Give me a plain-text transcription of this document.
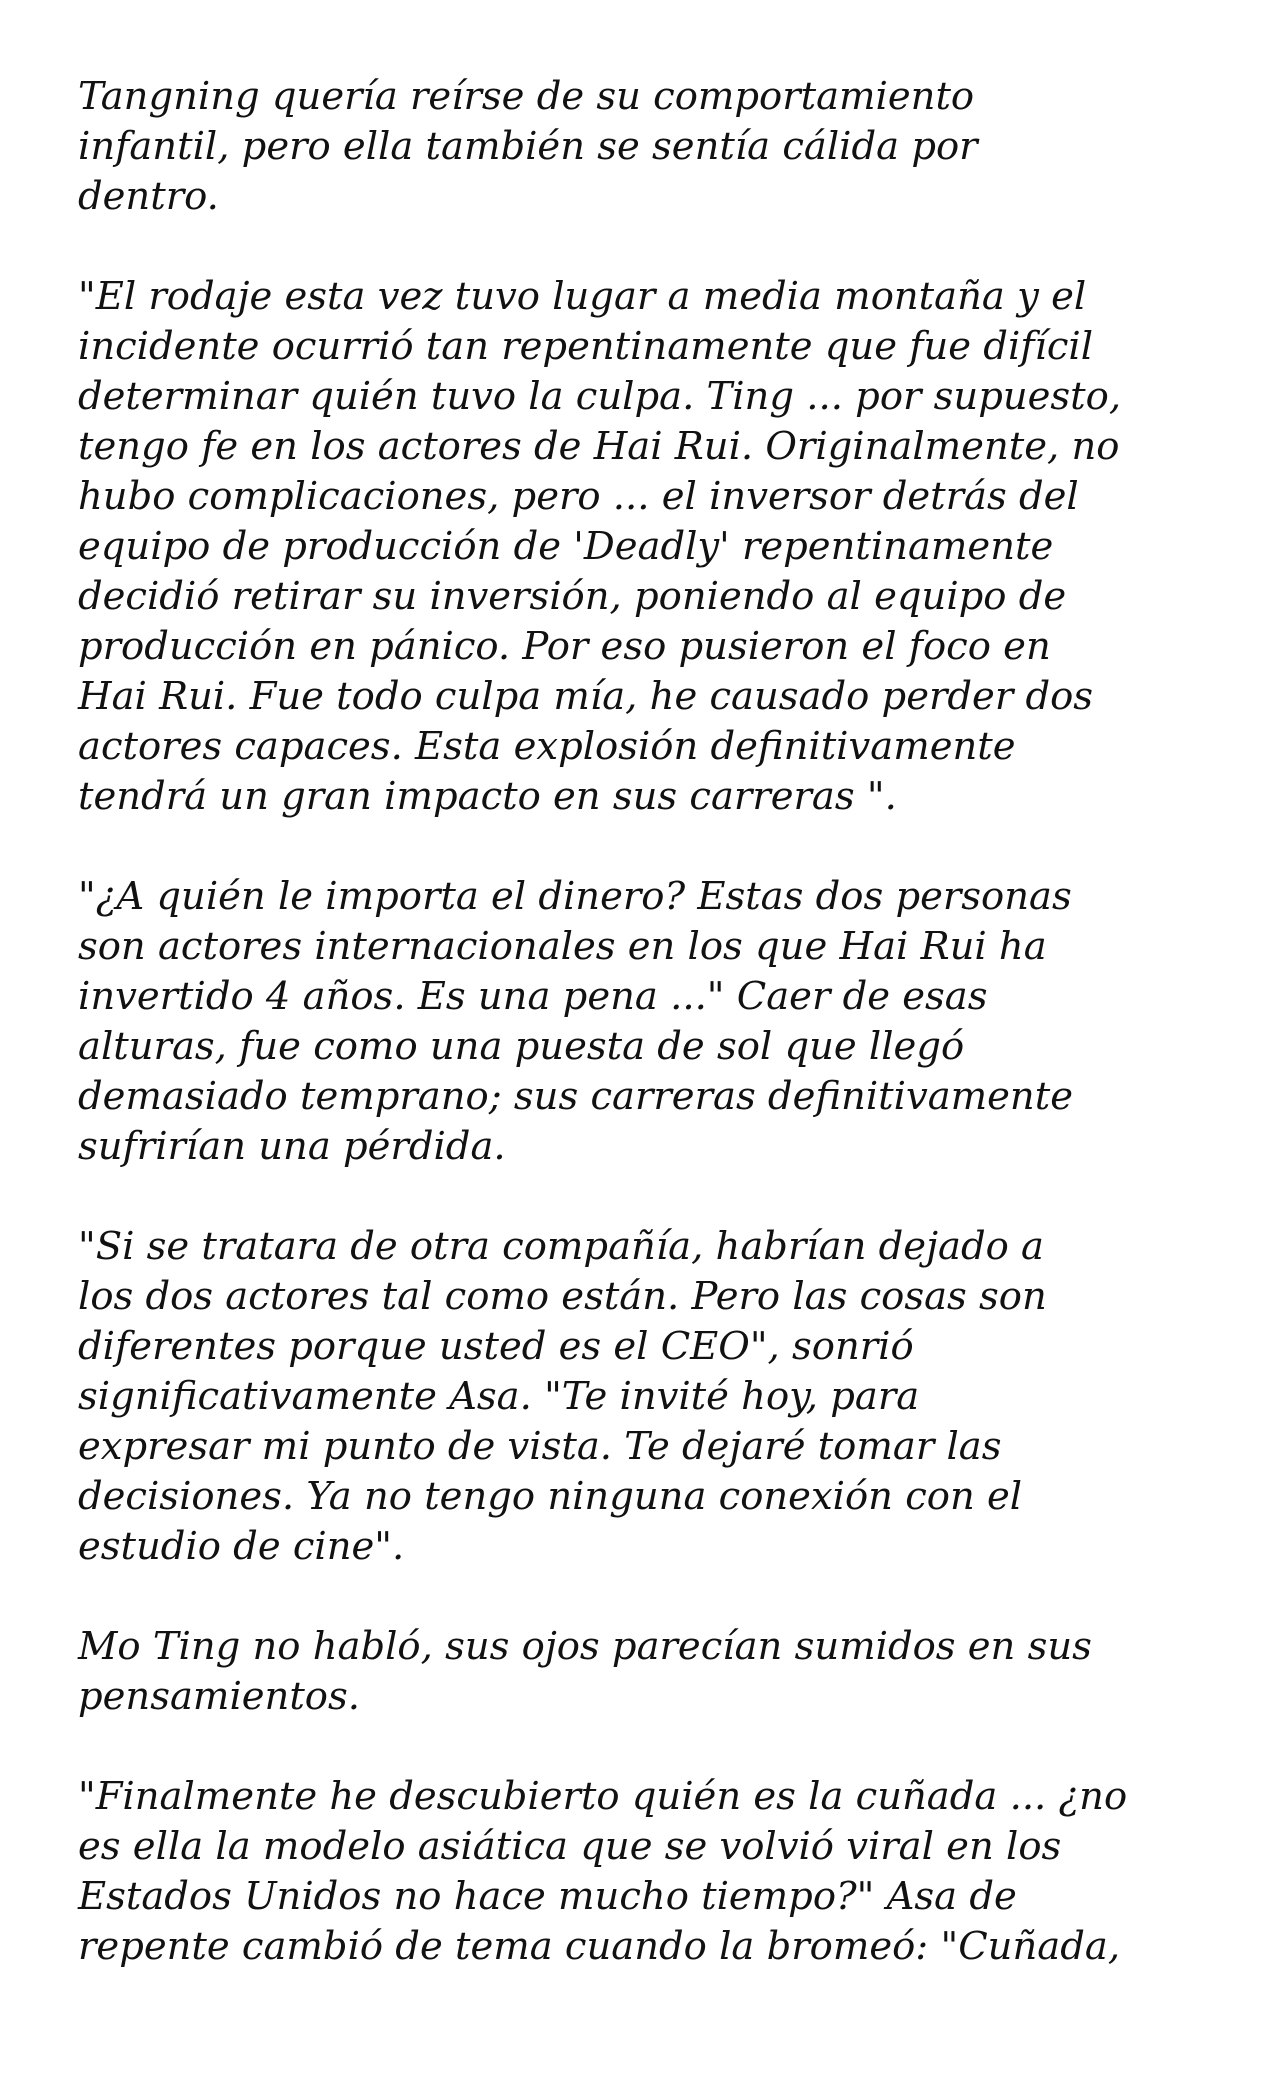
Tangning quería reírse de su comportamiento
infantil, pero ella también se sentía cálida por
dentro.

"El rodaje esta vez tuvo lugar a media montaña y el
incidente ocurrió tan repentinamente que fue difícil
determinar quién tuvo la culpa. Ting ... por supuesto,
tengo fe en los actores de Hai Rui. Originalmente, no
hubo complicaciones, pero ... el inversor detrás del
equipo de producción de 'Deadly' repentinamente
decidió retirar su inversión, poniendo al equipo de
producción en pánico. Por eso pusieron el foco en
Hai Rui. Fue todo culpa mía, he causado perder dos
actores capaces. Esta explosión definitivamente
tendrá un gran impacto en sus carreras ".

"¿A quién le importa el dinero? Estas dos personas
son actores internacionales en los que Hai Rui ha
invertido 4 años. Es una pena ..." Caer de esas
alturas, fue como una puesta de sol que llegó
demasiado temprano; sus carreras definitivamente
sufrirían una pérdida.

"Si se tratara de otra compañía, habrían dejado a
los dos actores tal como están. Pero las cosas son
diferentes porque usted es el CEO", sonrió
significativamente Asa. "Te invité hoy, para
expresar mi punto de vista. Te dejaré tomar las
decisiones. Ya no tengo ninguna conexión con el
estudio de cine".

Mo Ting no habló, sus ojos parecían sumidos en sus
pensamientos.

"Finalmente he descubierto quién es la cuñada ... ¿no
es ella la modelo asiática que se volvió viral en los
Estados Unidos no hace mucho tiempo?" Asa de
repente cambió de tema cuando la bromeó: "Cuñada,
